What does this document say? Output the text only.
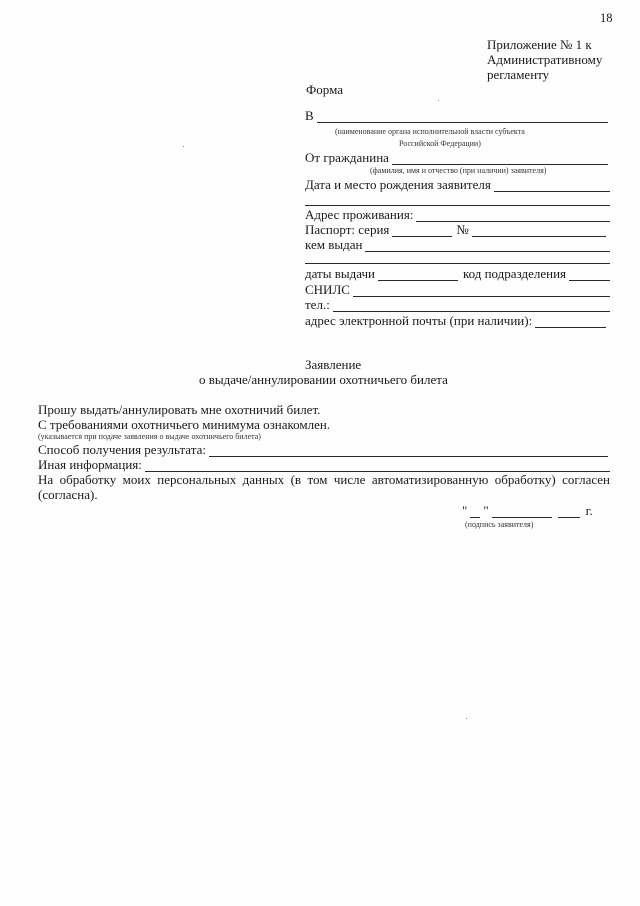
18
Приложение № 1 к
Административному
регламенту
Форма
В
(наименование органа исполнительной власти субъекта
Российской Федерации)
От гражданина
(фамилия, имя и отчество (при наличии) заявителя)
Дата и место рождения заявителя
Адрес проживания:
Паспорт: серия	№
кем выдан
даты выдачи	код подразделения
СНИЛС
тел.:
адрес электронной почты (при наличии):
Заявление
о выдаче/аннулировании охотничьего билета
Прошу выдать/аннулировать мне охотничий билет.
С требованиями охотничьего минимума ознакомлен.
(указывается при подаче заявления о выдаче охотничьего билета)
Способ получения результата:
Иная информация:
На обработку моих персональных данных (в том числе автоматизированную обработку) согласен
(согласна).
" "	г.
(подпись заявителя)
